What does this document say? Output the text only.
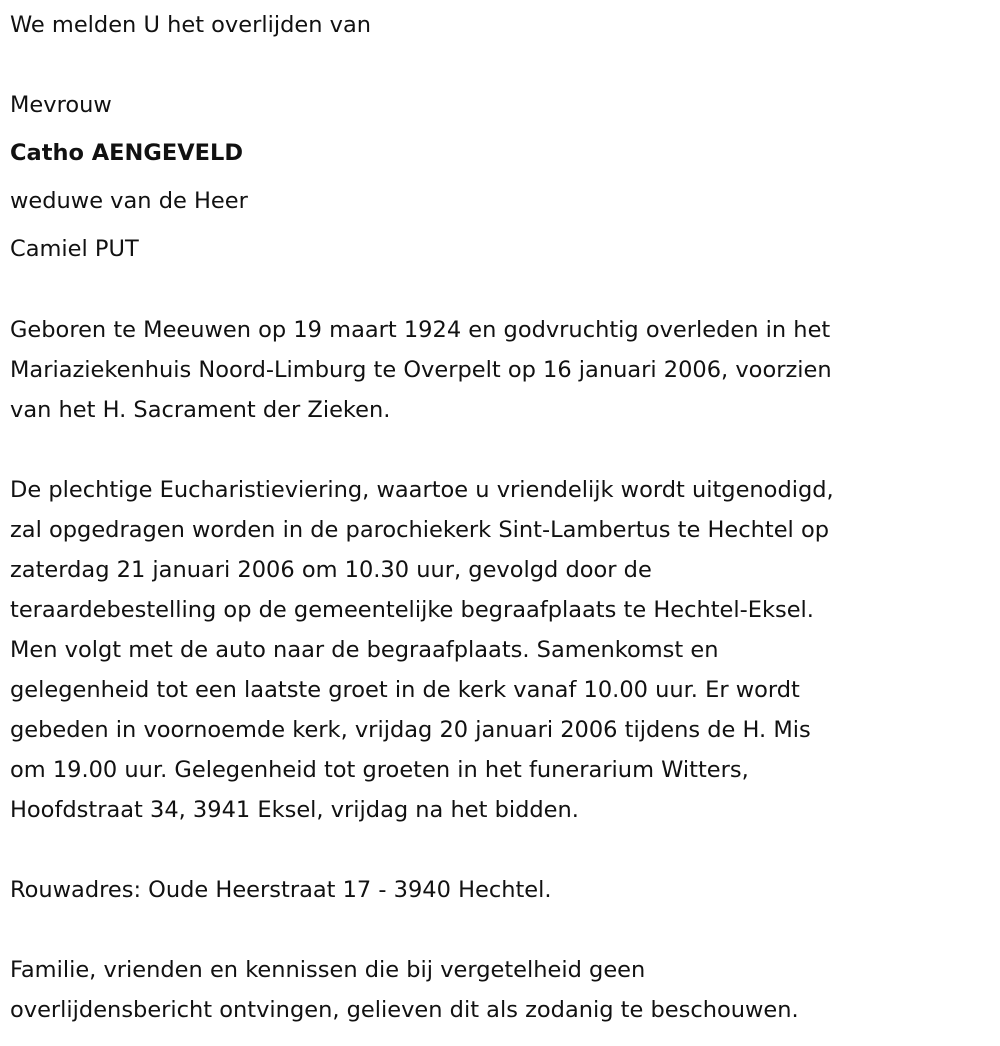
We melden U het overlijden van
Mevrouw
Catho AENGEVELD
weduwe van de Heer
Camiel PUT
Geboren te Meeuwen op 19 maart 1924 en godvruchtig overleden in het
Mariaziekenhuis Noord-Limburg te Overpelt op 16 januari 2006, voorzien
van het H. Sacrament der Zieken.
De plechtige Eucharistieviering, waartoe u vriendelijk wordt uitgenodigd,
zal opgedragen worden in de parochiekerk Sint-Lambertus te Hechtel op
zaterdag 21 januari 2006 om 10.30 uur, gevolgd door de
teraardebestelling op de gemeentelijke begraafplaats te Hechtel-Eksel.
Men volgt met de auto naar de begraafplaats. Samenkomst en
gelegenheid tot een laatste groet in de kerk vanaf 10.00 uur. Er wordt
gebeden in voornoemde kerk, vrijdag 20 januari 2006 tijdens de H. Mis
om 19.00 uur. Gelegenheid tot groeten in het funerarium Witters,
Hoofdstraat 34, 3941 Eksel, vrijdag na het bidden.
Rouwadres: Oude Heerstraat 17 - 3940 Hechtel.
Familie, vrienden en kennissen die bij vergetelheid geen
overlijdensbericht ontvingen, gelieven dit als zodanig te beschouwen.
